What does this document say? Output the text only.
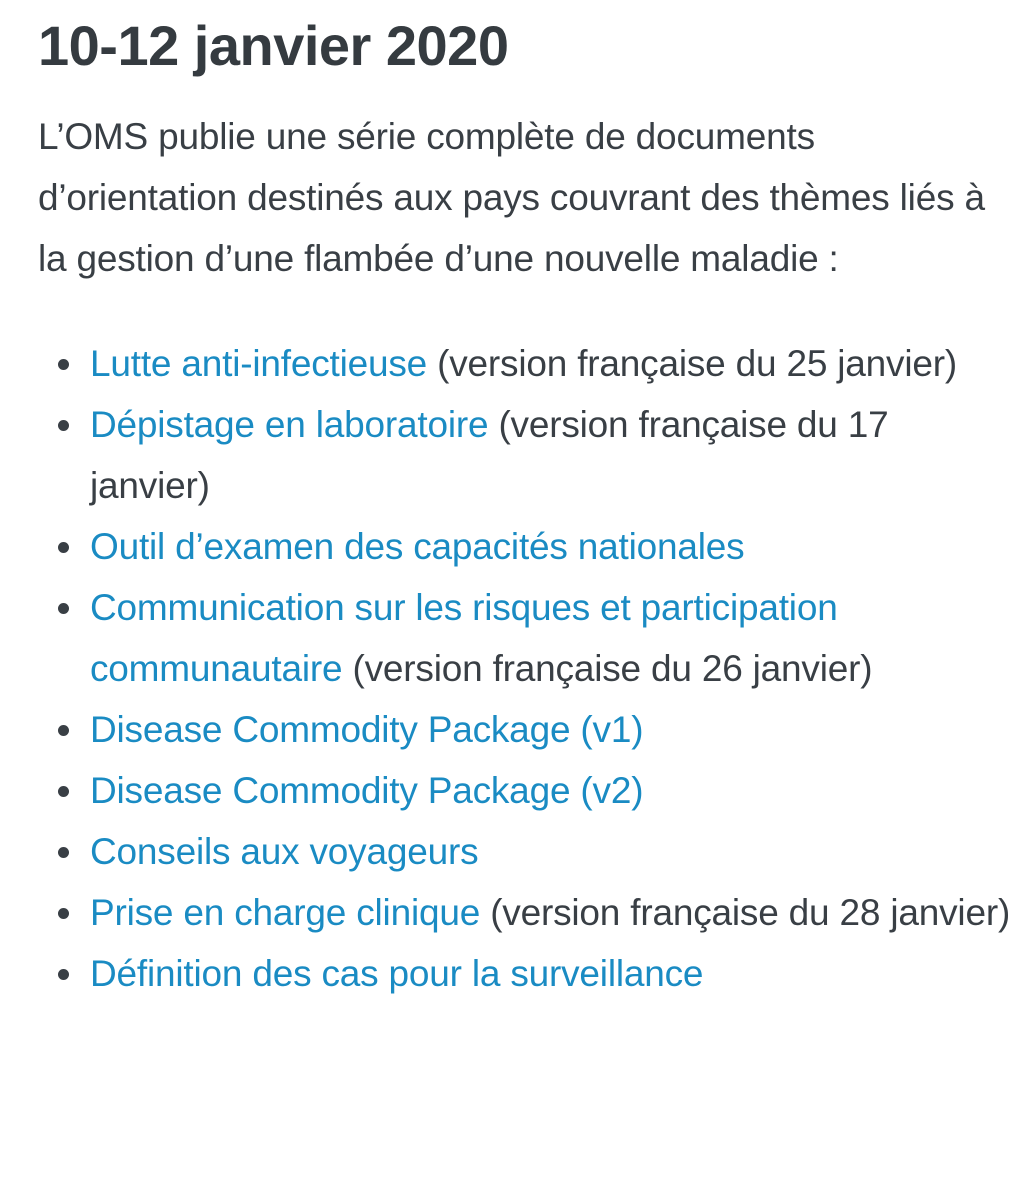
10-12 janvier 2020

L’OMS publie une série complète de documents d’orientation destinés aux pays couvrant des thèmes liés à la gestion d’une flambée d’une nouvelle maladie :

Lutte anti-infectieuse (version française du 25 janvier)
Dépistage en laboratoire (version française du 17 janvier)
Outil d’examen des capacités nationales
Communication sur les risques et participation communautaire (version française du 26 janvier)
Disease Commodity Package (v1)
Disease Commodity Package (v2)
Conseils aux voyageurs
Prise en charge clinique (version française du 28 janvier)
Définition des cas pour la surveillance
